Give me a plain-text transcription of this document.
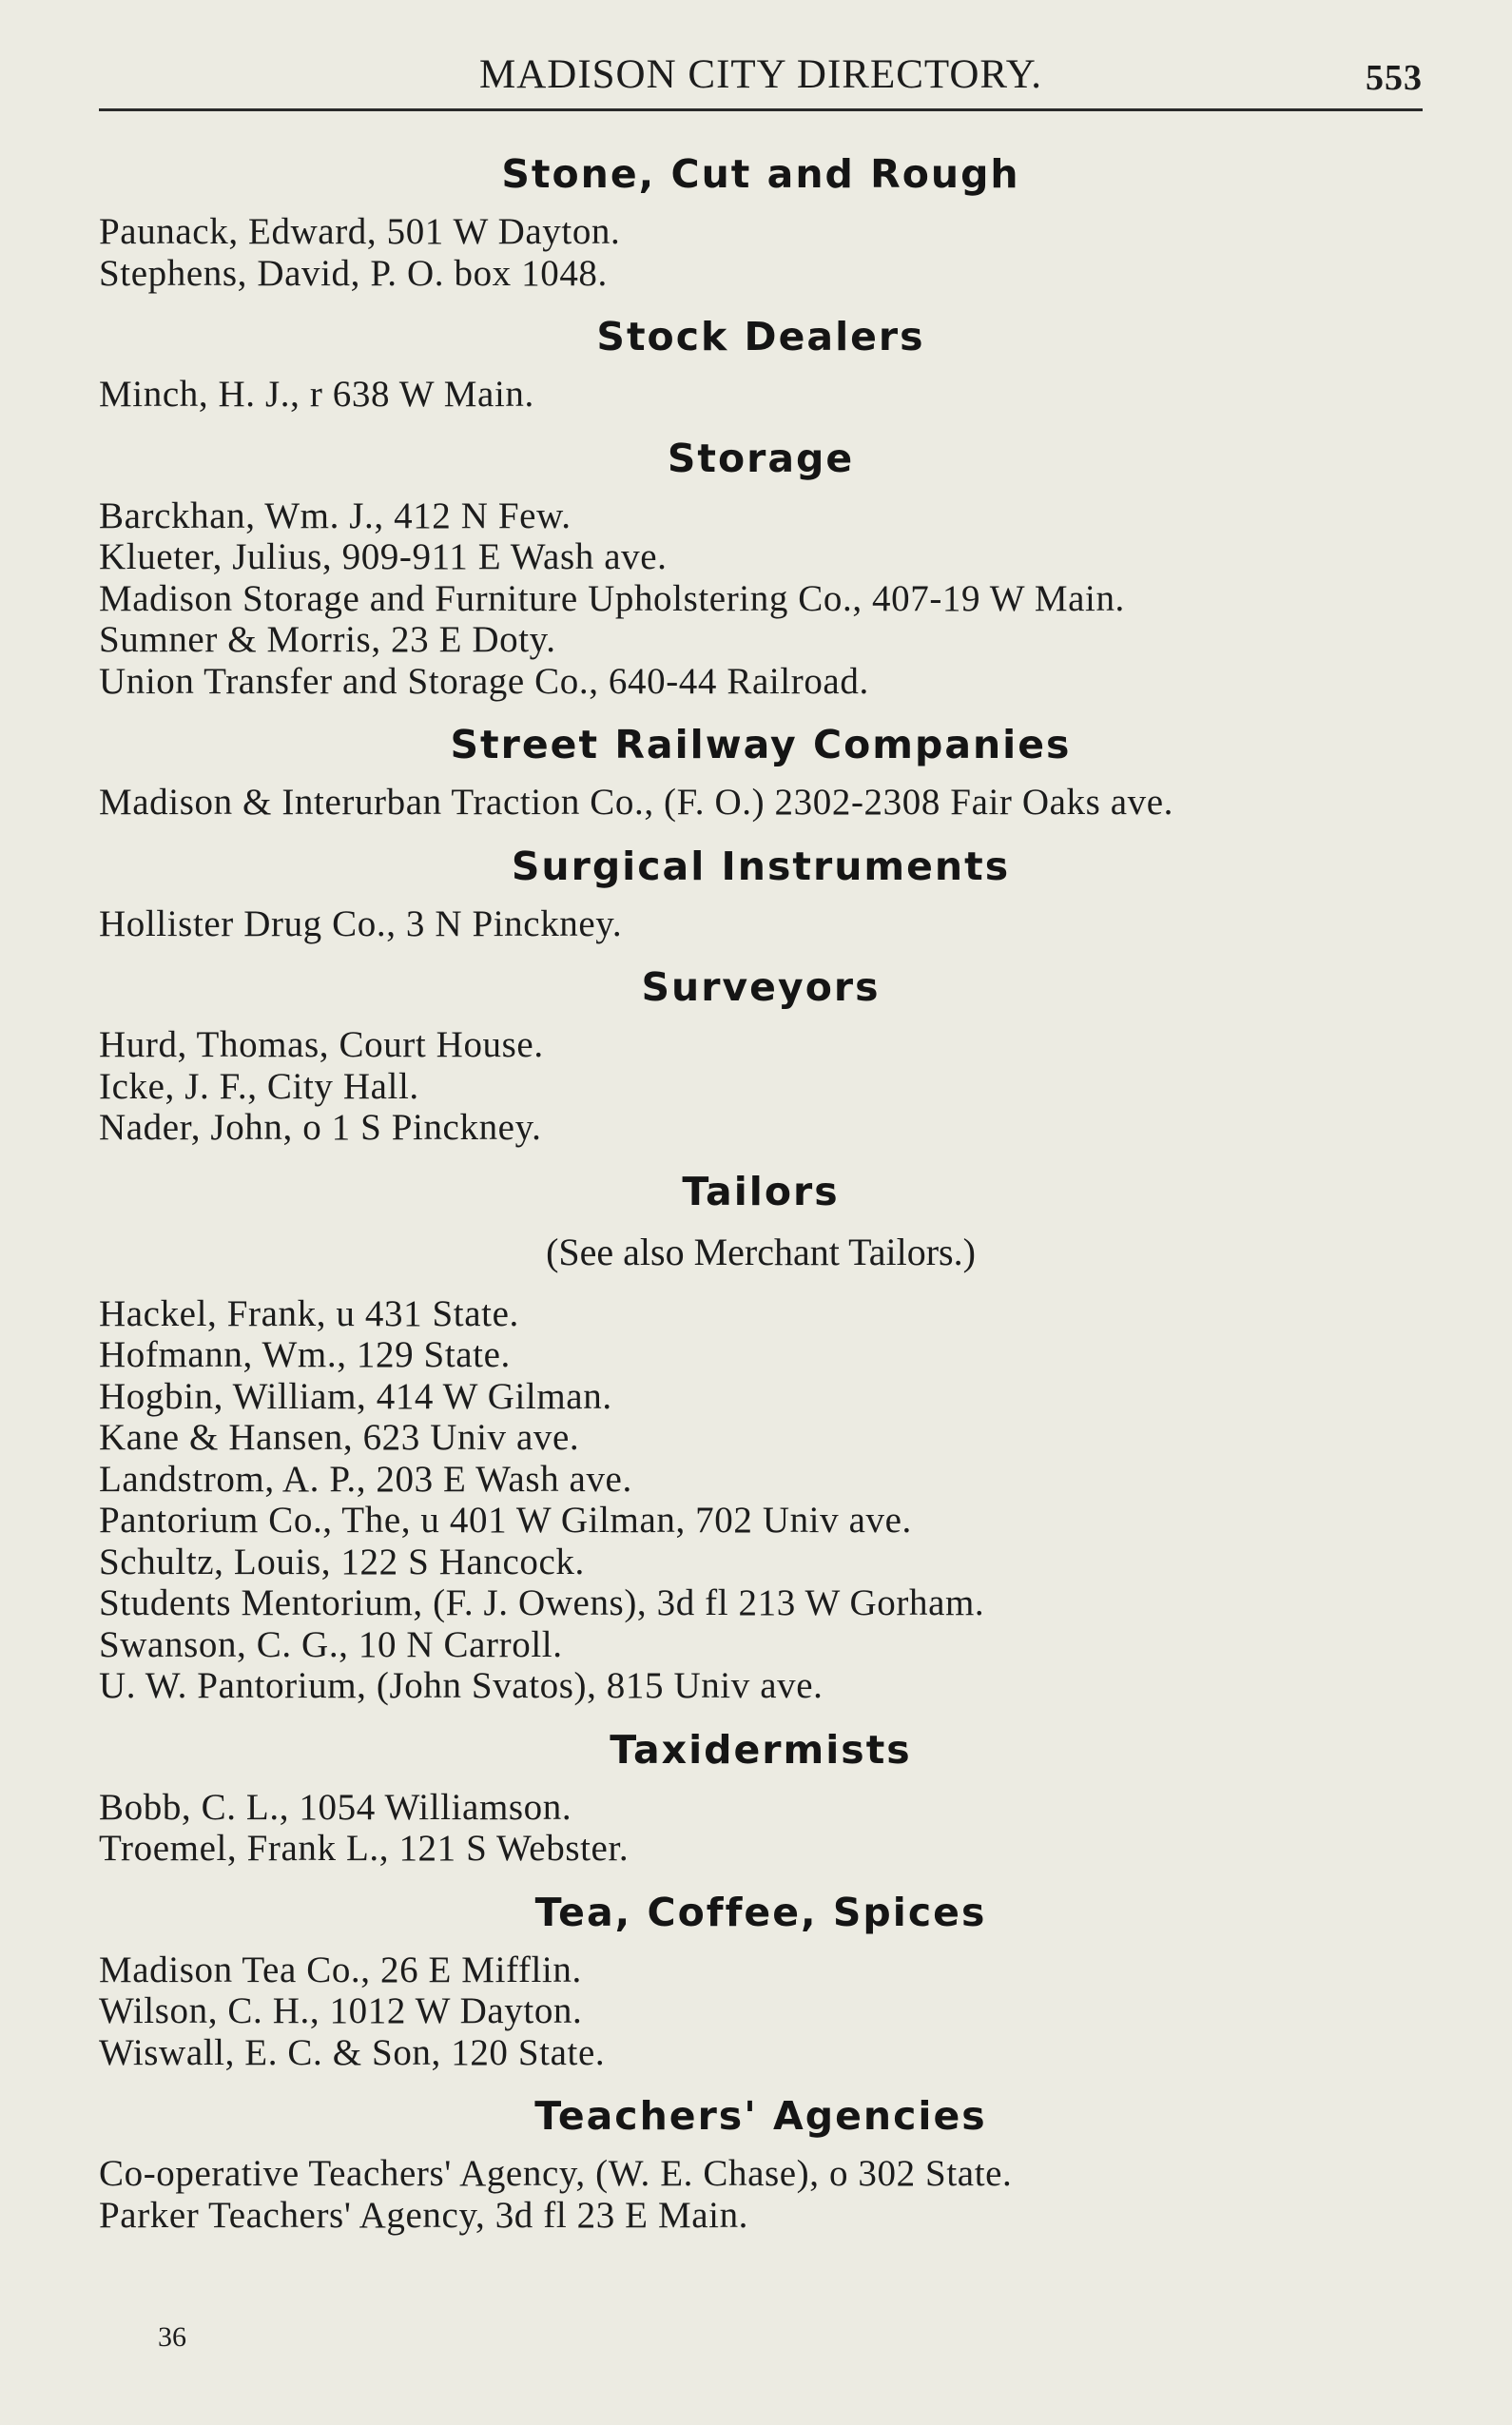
MADISON CITY DIRECTORY.	553
Stone, Cut and Rough
Paunack, Edward, 501 W Dayton.
Stephens, David, P. O. box 1048.
Stock Dealers
Minch, H. J., r 638 W Main.
Storage
Barckhan, Wm. J., 412 N Few.
Klueter, Julius, 909-911 E Wash ave.
Madison Storage and Furniture Upholstering Co., 407-19 W Main.
Sumner & Morris, 23 E Doty.
Union Transfer and Storage Co., 640-44 Railroad.
Street Railway Companies
Madison & Interurban Traction Co., (F. O.) 2302-2308 Fair Oaks ave.
Surgical Instruments
Hollister Drug Co., 3 N Pinckney.
Surveyors
Hurd, Thomas, Court House.
Icke, J. F., City Hall.
Nader, John, o 1 S Pinckney.
Tailors
(See also Merchant Tailors.)
Hackel, Frank, u 431 State.
Hofmann, Wm., 129 State.
Hogbin, William, 414 W Gilman.
Kane & Hansen, 623 Univ ave.
Landstrom, A. P., 203 E Wash ave.
Pantorium Co., The, u 401 W Gilman, 702 Univ ave.
Schultz, Louis, 122 S Hancock.
Students Mentorium, (F. J. Owens), 3d fl 213 W Gorham.
Swanson, C. G., 10 N Carroll.
U. W. Pantorium, (John Svatos), 815 Univ ave.
Taxidermists
Bobb, C. L., 1054 Williamson.
Troemel, Frank L., 121 S Webster.
Tea, Coffee, Spices
Madison Tea Co., 26 E Mifflin.
Wilson, C. H., 1012 W Dayton.
Wiswall, E. C. & Son, 120 State.
Teachers' Agencies
Co-operative Teachers' Agency, (W. E. Chase), o 302 State.
Parker Teachers' Agency, 3d fl 23 E Main.
36
